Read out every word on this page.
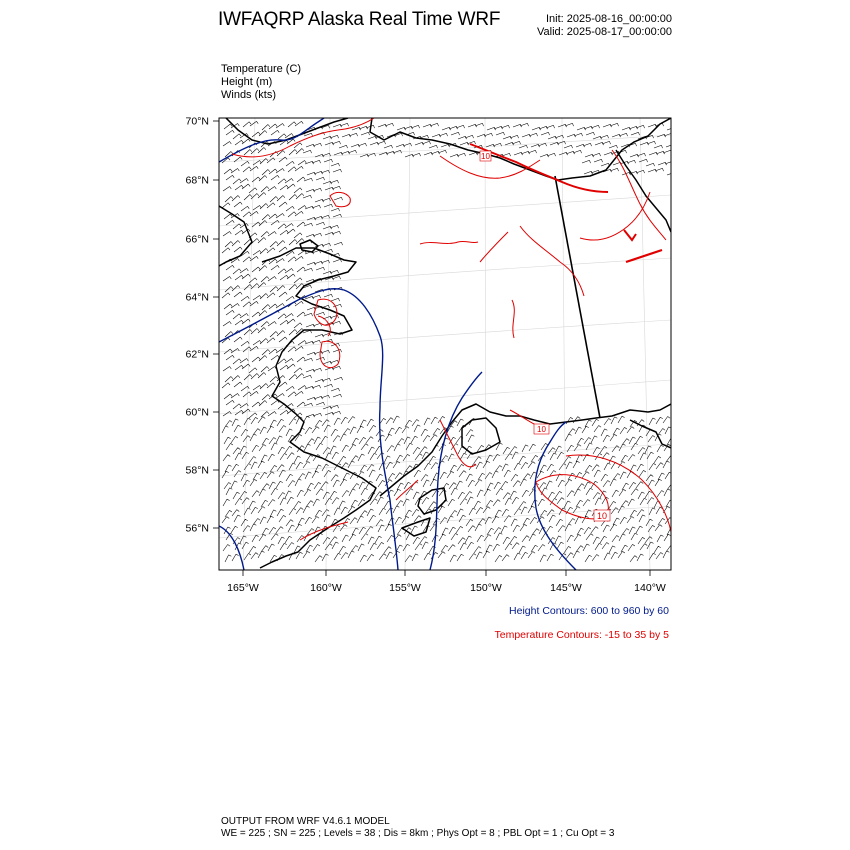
IWFAQRP Alaska Real Time WRF	Init: 2025-08-16_00:00:00
Valid: 2025-08-17_00:00:00
Temperature (C)
Height (m)
Winds (kts)
10
10
10
70°N
68°N
66°N
64°N
62°N
60°N
58°N
56°N
165°W	160°W	155°W	150°W	145°W	140°W
Height Contours: 600 to 960 by 60
Temperature Contours: -15 to 35 by 5
OUTPUT FROM WRF V4.6.1 MODEL
WE = 225 ; SN = 225 ; Levels = 38 ; Dis = 8km ; Phys Opt = 8 ; PBL Opt = 1 ; Cu Opt = 3
